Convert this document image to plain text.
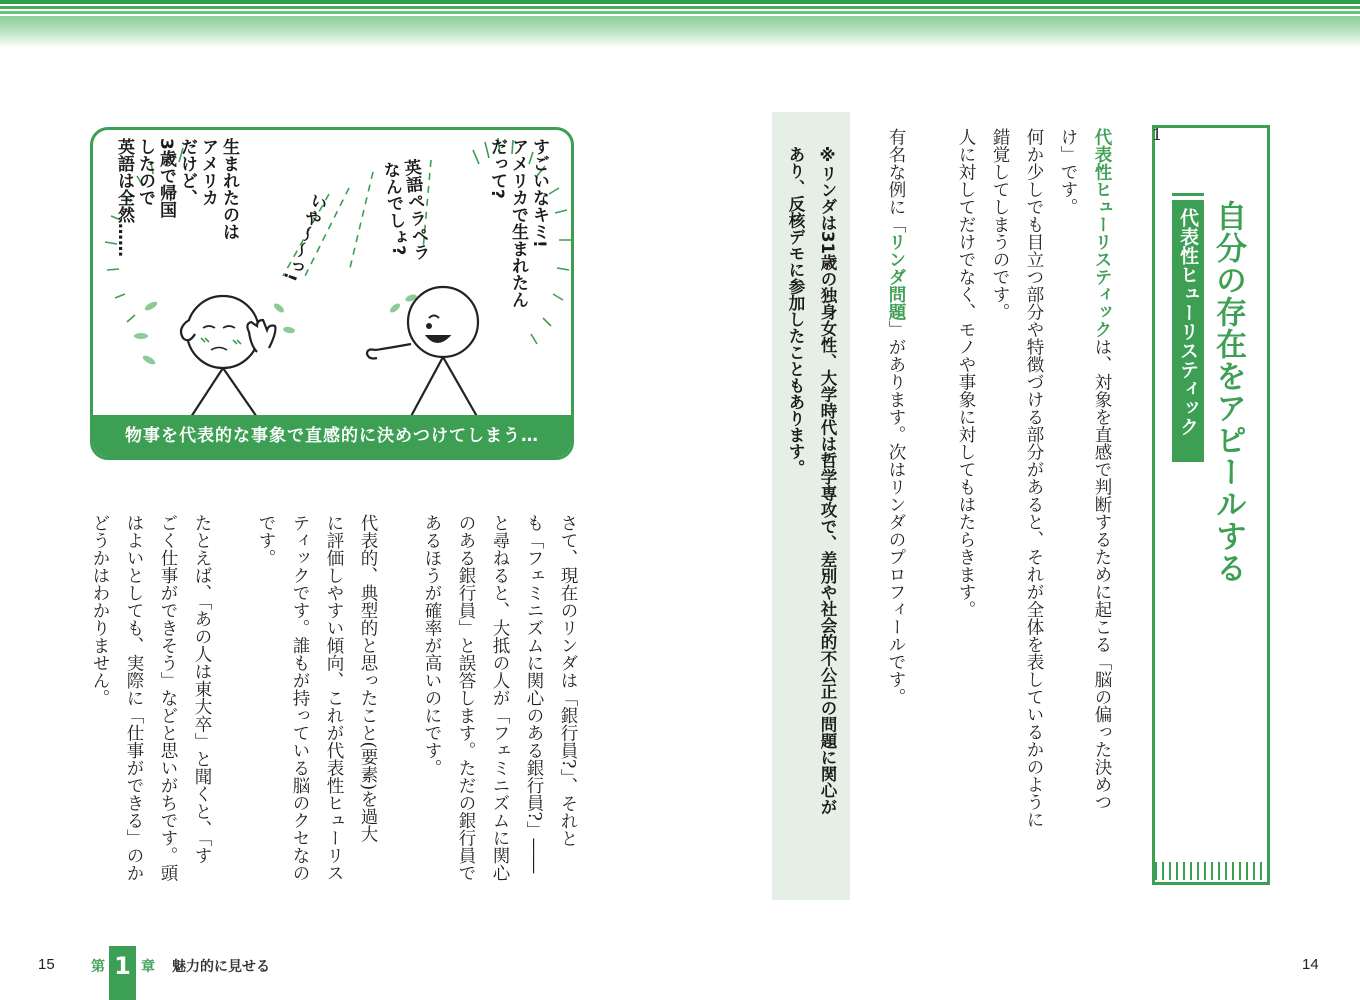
1
自分の存在をアピールする
代表性ヒューリスティック
代表性ヒューリスティックは、対象を直感で判断するために起こる「脳の偏った決めつ
け」です。
何か少しでも目立つ部分や特徴づける部分があると、それが全体を表しているかのように
錯覚してしまうのです。
人に対してだけでなく、モノや事象に対してもはたらきます。
有名な例に「リンダ問題」があります。次はリンダのプロフィールです。
※リンダは31歳の独身女性、大学時代は哲学専攻で、差別や社会的不公正の問題に関心が
あり、反核デモに参加したこともあります。
すごいなキミ!
アメリカで生まれたん
だって?
英語ペラペラ
なんでしょ?
いや〜〜っ!
生まれたのは
アメリカ
だけど、
3歳で帰国
したので
英語は全然……
物事を代表的な事象で直感的に決めつけてしまう…
さて、現在のリンダは「銀行員?」、それと
も「フェミニズムに関心のある銀行員?」――
と尋ねると、大抵の人が「フェミニズムに関心
のある銀行員」と誤答します。ただの銀行員で
あるほうが確率が高いのにです。
代表的、典型的と思ったこと(要素)を過大
に評価しやすい傾向、これが代表性ヒューリス
ティックです。誰もが持っている脳のクセなの
です。
たとえば、「あの人は東大卒」と聞くと、「す
ごく仕事ができそう」などと思いがちです。頭
はよいとしても、実際に「仕事ができる」のか
どうかはわかりません。
15	第 1 章 魅力的に見せる	14
